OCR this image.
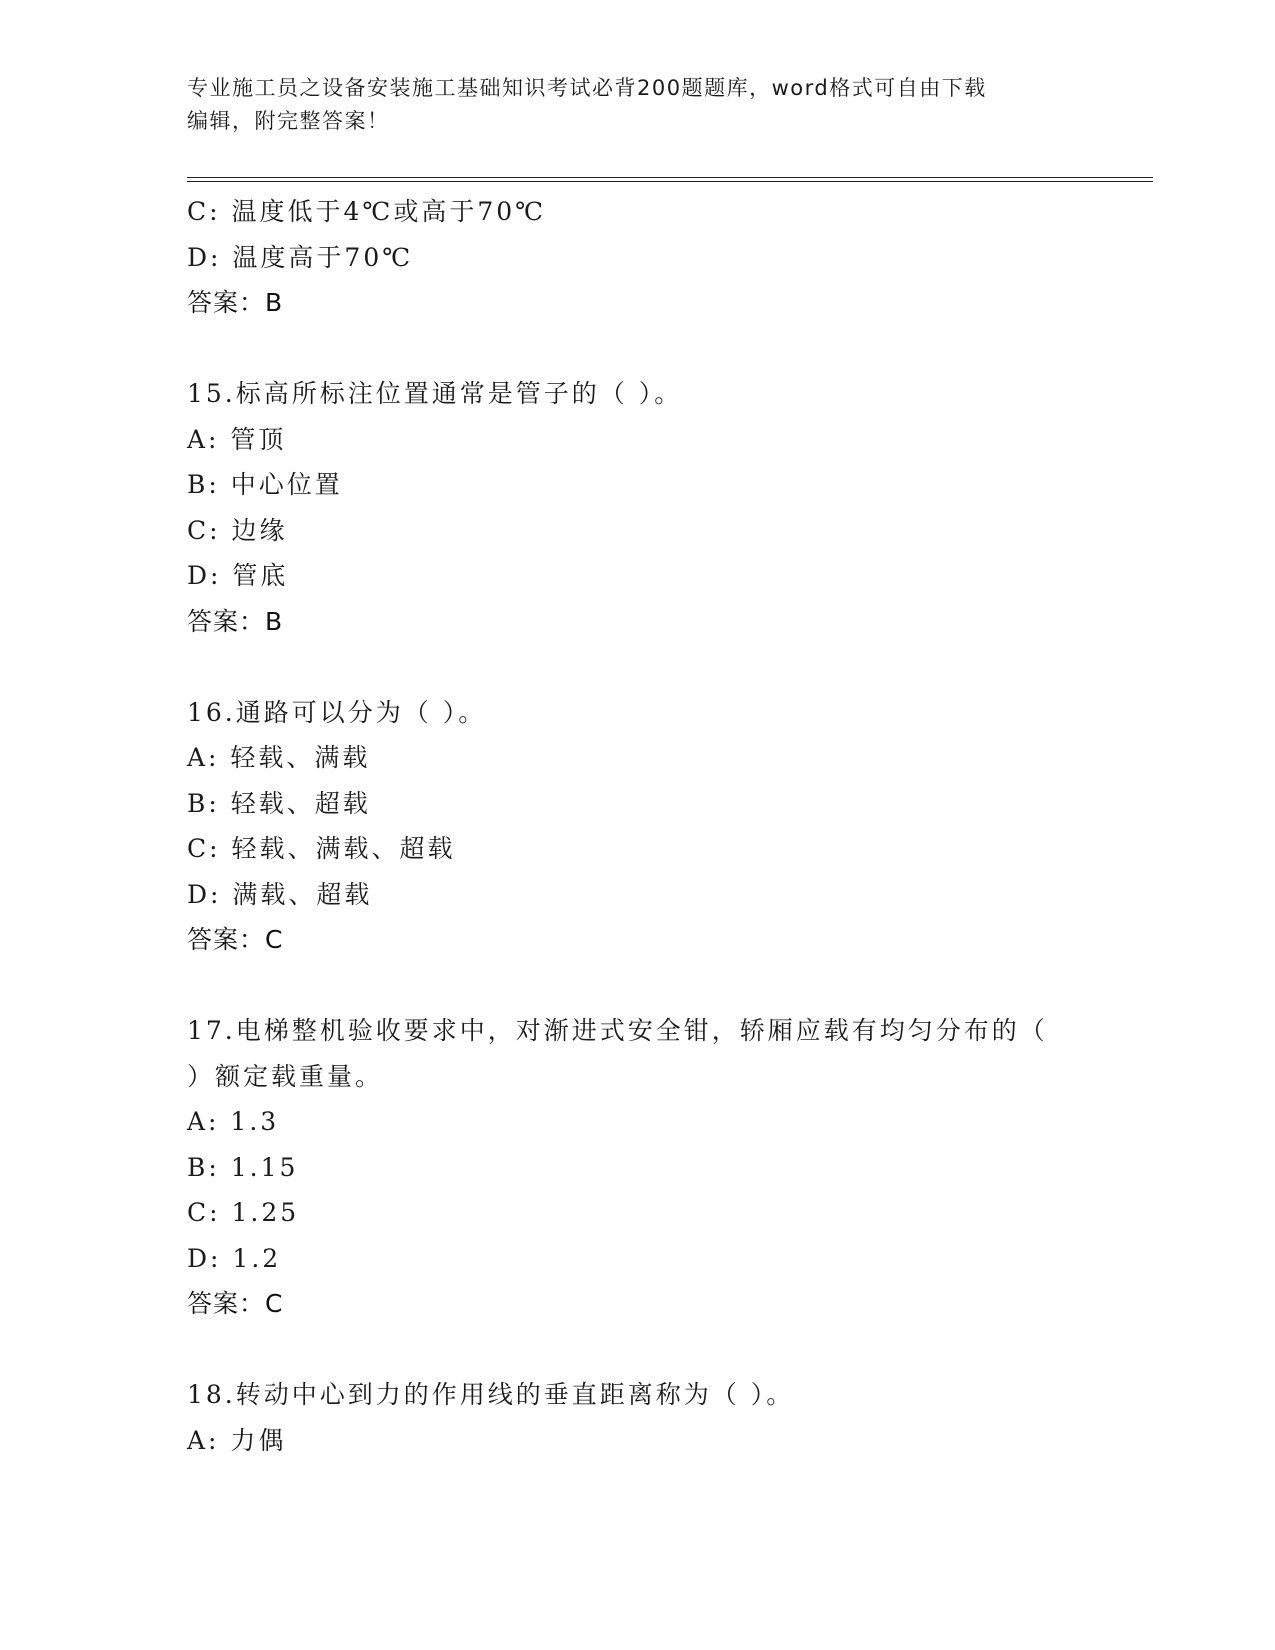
专业施工员之设备安装施工基础知识考试必背200题题库，word格式可自由下载
编辑，附完整答案！
C: 温度低于4℃或高于70℃
D: 温度高于70℃
答案：B
15.标高所标注位置通常是管子的（ ）。
A: 管顶
B: 中心位置
C: 边缘
D: 管底
答案：B
16.通路可以分为（ ）。
A: 轻载、满载
B: 轻载、超载
C: 轻载、满载、超载
D: 满载、超载
答案：C
17.电梯整机验收要求中，对渐进式安全钳，轿厢应载有均匀分布的（
）额定载重量。
A: 1.3
B: 1.15
C: 1.25
D: 1.2
答案：C
18.转动中心到力的作用线的垂直距离称为（ ）。
A: 力偶
